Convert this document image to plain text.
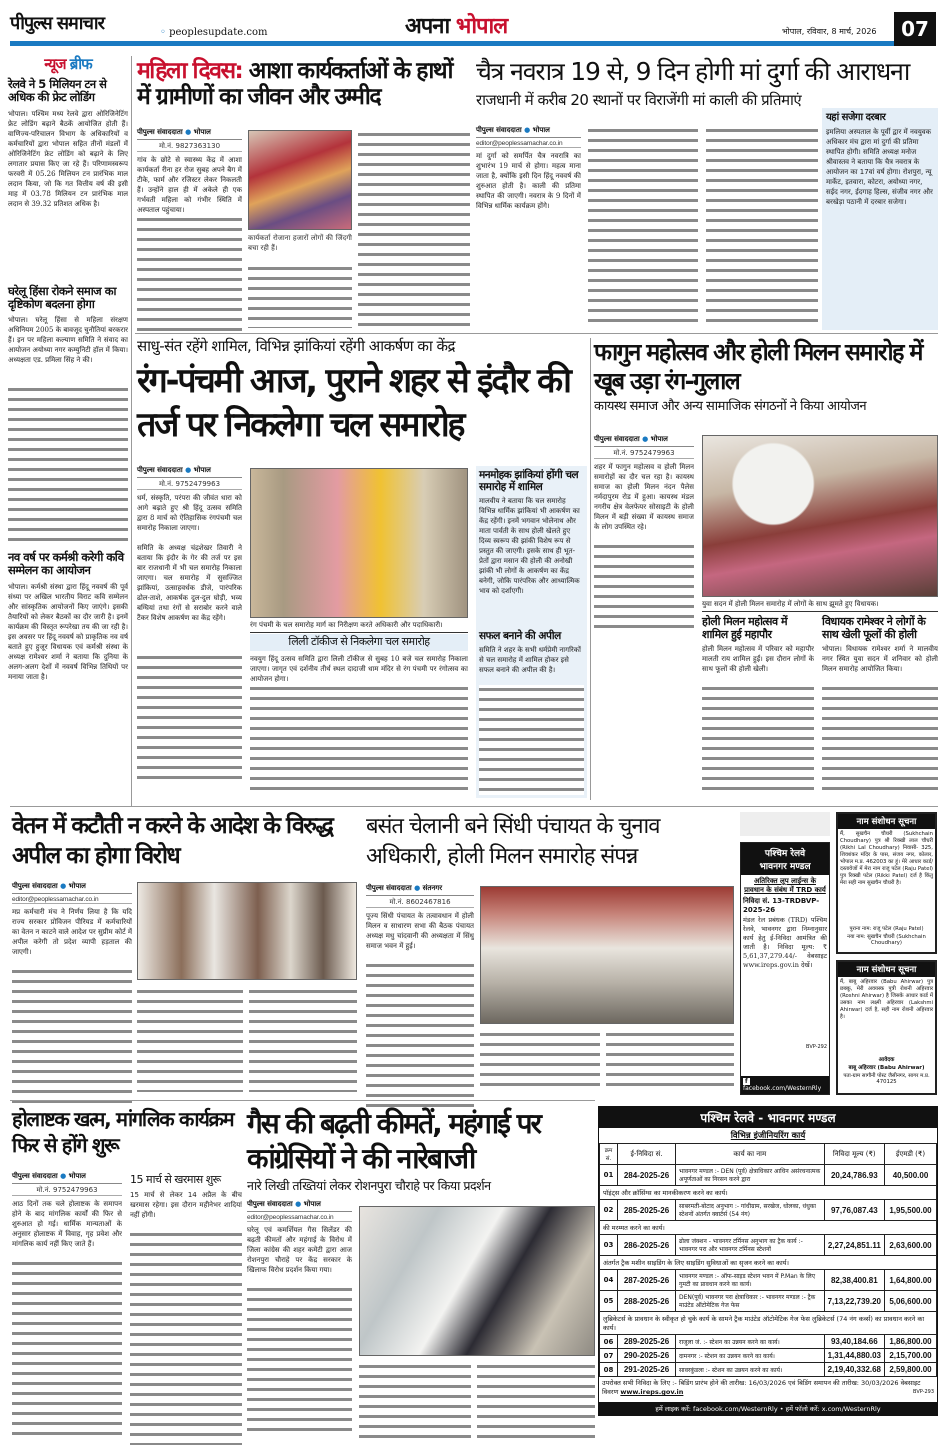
पीपुल्स समाचार	◦ peoplesupdate.com	अपना भोपाल	भोपाल, रविवार, 8 मार्च, 2026	07
न्यूज ब्रीफ
रेलवे ने 5 मिलियन टन से अधिक की फ्रेट लोडिंग
भोपाल। पश्चिम मध्य रेलवे द्वारा ओरिजिनेटिंग फ्रेट लोडिंग बढ़ाने बैठकें आयोजित होती हैं। वाणिज्य-परिचालन विभाग के अधिकारियों व कर्मचारियों द्वारा भोपाल सहित तीनों मंडलों में ओरिजिनेटिंग फ्रेट लोडिंग को बढ़ाने के लिए लगातार प्रयास किए जा रहे हैं। परिणामस्वरूप फरवरी में 05.26 मिलियन टन प्रारंभिक माल लदान किया, जो कि गत वित्तीय वर्ष की इसी माह में 03.78 मिलियन टन प्रारंभिक माल लदान से 39.32 प्रतिशत अधिक है।
घरेलू हिंसा रोकने समाज का दृष्टिकोण बदलना होगा
भोपाल। घरेलू हिंसा से महिला संरक्षण अधिनियम 2005 के बावजूद चुनौतियां बरकरार हैं। इन पर महिला कल्याण समिति ने संवाद का आयोजन अयोध्या नगर कम्युनिटी हॉल में किया। अध्यक्षता एड. प्रमिला सिंह ने की।
नव वर्ष पर कर्मश्री करेगी कवि सम्मेलन का आयोजन
भोपाल। कर्मश्री संस्था द्वारा हिंदू नववर्ष की पूर्व संध्या पर अखिल भारतीय विराट कवि सम्मेलन और सांस्कृतिक आयोजनों किए जाएंगे। इसकी तैयारियों को लेकर बैठकों का दौर जारी है। इनमें कार्यक्रम की विस्तृत रूपरेखा तय की जा रही है। इस अवसर पर हिंदू नववर्ष को प्राकृतिक नव वर्ष बताते हुए हुजूर विधायक एवं कर्मश्री संस्था के अध्यक्ष रामेश्वर शर्मा ने बताया कि दुनिया के अलग-अलग देशों में नववर्ष विभिन्न तिथियों पर मनाया जाता है।
महिला दिवस: आशा कार्यकर्ताओं के हाथों में ग्रामीणों का जीवन और उम्मीद
पीपुल्स संवाददाता ● भोपाल
मो.नं. 9827363130
गांव के छोटे से स्वास्थ्य केंद्र में आशा कार्यकर्ता रीना हर रोज सुबह अपने बैग में टीके, फार्म और रजिस्टर लेकर निकलती हैं। उन्होंने हाल ही में अकेले ही एक गर्भवती महिला को गंभीर स्थिति में अस्पताल पहुंचाया।
कार्यकर्ता रोजाना हजारों लोगों की जिंदगी बचा रही हैं।
चैत्र नवरात्र 19 से, 9 दिन होगी मां दुर्गा की आराधना
राजधानी में करीब 20 स्थानों पर विराजेंगी मां काली की प्रतिमाएं
पीपुल्स संवाददाता ● भोपाल
editor@peoplessamachar.co.in
मां दुर्गा को समर्पित चैत्र नवरात्रि का शुभारंभ 19 मार्च से होगा। महत्व माना जाता है, क्योंकि इसी दिन हिंदू नववर्ष की शुरुआत होती है। काली की प्रतिमा स्थापित की जाएगी। नवरात्र के 9 दिनों में विभिन्न धार्मिक कार्यक्रम होंगे।
यहां सजेगा दरबार
इमलिया अस्पताल के पूर्वी द्वार में नवयुवक अधिकार मंच द्वारा मां दुर्गा की प्रतिमा स्थापित होगी। समिति अध्यक्ष मनोज श्रीवास्तव ने बताया कि चैत्र नवरात्र के आयोजन का 17वां वर्ष होगा। रोशपुरा, न्यू मार्केट, इतवारा, कोटरा, अयोध्या नगर, सईद नगर, ईदगाह हिल्स, संजीव नगर और बरखेड़ा पठानी में दरबार सजेगा।
साधु-संत रहेंगे शामिल, विभिन्न झांकियां रहेंगी आकर्षण का केंद्र
रंग-पंचमी आज, पुराने शहर से इंदौर की तर्ज पर निकलेगा चल समारोह
पीपुल्स संवाददाता ● भोपाल
मो.नं. 9752479963
धर्म, संस्कृति, परंपरा की जीवंत धारा को आगे बढ़ाते हुए श्री हिंदू उत्सव समिति द्वारा 8 मार्च को ऐतिहासिक रंगपंचमी चल समारोह निकाला जाएगा।
समिति के अध्यक्ष चंद्रशेखर तिवारी ने बताया कि इंदौर के गेर की तर्ज पर इस बार राजधानी में भी चल समारोह निकाला जाएगा। चल समारोह में सुसज्जित झांकियां, उत्साहवर्धक डीजे, पारंपरिक ढोल-ताशे, आकर्षक दुल-दुल घोड़ी, भव्य बग्घियां तथा रंगों से सराबोर करने वाले टैंकर विशेष आकर्षण का केंद्र रहेंगे।
रंग पंचमी के चल समारोह मार्ग का निरीक्षण करते अधिकारी और पदाधिकारी।
लिली टॉकीज से निकलेगा चल समारोह
नवयुग हिंदू उत्सव समिति द्वारा लिली टॉकीज से सुबह 10 बजे चल समारोह निकाला जाएगा। जागृत एवं दर्शनीय तीर्थ स्थल दादाजी धाम मंदिर से रंग पंचमी पर रंगोत्सव का आयोजन होगा।
मनमोहक झांकियां होंगी चल समारोह में शामिल
मालवीय ने बताया कि चल समारोह विभिन्न धार्मिक झांकियां भी आकर्षण का केंद्र रहेंगी। इनमें भगवान भोलेनाथ और माता पार्वती के साथ होली खेलते हुए दिव्य स्वरूप की झांकी विशेष रूप से प्रस्तुत की जाएगी। इसके साथ ही भूत-प्रेतों द्वारा मसान की होली की अनोखी झांकी भी लोगों के आकर्षण का केंद्र बनेगी, जोकि पारंपरिक और आध्यात्मिक भाव को दर्शाएगी।
सफल बनाने की अपील
समिति ने शहर के सभी धर्मप्रेमी नागरिकों से चल समारोह में शामिल होकर इसे सफल बनाने की अपील की है।
फागुन महोत्सव और होली मिलन समारोह में खूब उड़ा रंग-गुलाल
कायस्थ समाज और अन्य सामाजिक संगठनों ने किया आयोजन
पीपुल्स संवाददाता ● भोपाल
मो.नं. 9752479963
शहर में फागुन महोत्सव व होली मिलन समारोहों का दौर चल रहा है। कायस्थ समाज का होली मिलन नंदन पैलेस नर्मदापुरम रोड में हुआ। कायस्थ मंडल नगरीय क्षेत्र वेलफेयर सोसाइटी के होली मिलन में बड़ी संख्या में कायस्थ समाज के लोग उपस्थित रहे।
युवा सदन में होली मिलन समारोह में लोगों के साथ झूमते हुए विधायक।
होली मिलन महोत्सव में शामिल हुई महापौर
होली मिलन महोत्सव में परिवार को महापौर मालती राय शामिल हुईं। इस दौरान लोगों के साथ फूलों की होली खेली।
विधायक रामेश्वर ने लोगों के साथ खेली फूलों की होली
भोपाल। विधायक रामेश्वर शर्मा ने मालवीय नगर स्थित युवा सदन में शनिवार को होली मिलन समारोह आयोजित किया।
वेतन में कटौती न करने के आदेश के विरुद्ध अपील का होगा विरोध
पीपुल्स संवाददाता ● भोपाल
editor@peoplessamachar.co.in
मप्र कर्मचारी मंच ने निर्णय लिया है कि यदि राज्य सरकार प्रोविजन पीरियड में कर्मचारियों का वेतन न काटने वाले आदेश पर सुप्रीम कोर्ट में अपील करेगी तो प्रदेश व्यापी हड़ताल की जाएगी।
बसंत चेलानी बने सिंधी पंचायत के चुनाव अधिकारी, होली मिलन समारोह संपन्न
पीपुल्स संवाददाता ● संतनगर
मो.नं. 8602467816
पूज्य सिंधी पंचायत के तत्वावधान में होली मिलन व साधारण सभा की बैठक पंचायत अध्यक्ष मधु चांदवानी की अध्यक्षता में सिंधु समाज भवन में हुई।
पश्चिम रेलवे
भावनगर मण्डल
अतिरिक्त लूप लाईन्स के प्रावधान के संबंध में TRD कार्य
निविदा सं. 13-TRDBVP-2025-26
मंडल रेल प्रबंधक (TRD) पश्चिम रेलवे, भावनगर द्वारा निम्नानुसार कार्य हेतु ई-निविदा आमंत्रित की जाती है। निविदा मूल्य: ₹ 5,61,37,279.44/- वेबसाइट www.ireps.gov.in देखें।
BVP-292
f facebook.com/WesternRly
नाम संशोधन सूचना
मैं, सुखचैन चौधरी (Sukhchain Choudhary) पुत्र श्री रिक्खी लाल चौधरी (Rikhi Lal Choudhary) निवासी- 325, शिवशंकर मंदिर के पास, संजय नगर, कोलार, भोपाल म.प्र. 462003 का हूं। मेरे आधार कार्ड/दस्तावेजों में मेरा नाम राजू पटेल (Raju Patel) पुत्र रिक्खी पटेल (Rikki Patel) दर्ज है किंतु मेरा सही नाम सुखचैन चौधरी है।
पुराना नाम: राजू पटेल (Raju Patel)
नया नाम: सुखचैन चौधरी (Sukhchain Choudhary)
नाम संशोधन सूचना
मैं, बाबू अहिरवार (Babu Ahirwar) पुत्र छक्कू, मेरी अवयस्क पुत्री रोशनी अहिरवार (Roshni Ahirwar) है जिसके आधार कार्ड में उसका नाम लक्ष्मी अहिरवार (Lakshmi Ahirwar) दर्ज है, सही नाम रोशनी अहिरवार है।
आवेदक
बाबू अहिरवार (Babu Ahirwar)
पता-ग्राम सागौनी पोस्ट जैसीनगर, सागर म.प्र. 470125
होलाष्टक खत्म, मांगलिक कार्यक्रम फिर से होंगे शुरू
पीपुल्स संवाददाता ● भोपाल
मो.नं. 9752479963
आठ दिनों तक चले होलाष्टक के समापन होने के बाद मांगलिक कार्यों की फिर से शुरुआत हो गई। धार्मिक मान्यताओं के अनुसार होलाष्टक में विवाह, गृह प्रवेश और मांगलिक कार्य नहीं किए जाते हैं।
15 मार्च से खरमास शुरू
15 मार्च से लेकर 14 अप्रैल के बीच खरमास रहेगा। इस दौरान महीनेभर शादियां नहीं होंगी।
गैस की बढ़ती कीमतें, महंगाई पर कांग्रेसियों ने की नारेबाजी
नारे लिखी तख्तियां लेकर रोशनपुरा चौराहे पर किया प्रदर्शन
पीपुल्स संवाददाता ● भोपाल
editor@peoplessamachar.co.in
घरेलू एवं कमर्शियल गैस सिलेंडर की बढ़ती कीमतों और महंगाई के विरोध में जिला कांग्रेस की शहर कमेटी द्वारा आज रोशनपुरा चौराहे पर केंद्र सरकार के खिलाफ विरोध प्रदर्शन किया गया।
पश्चिम रेलवे - भावनगर मण्डल
विभिन्न इंजीनियरिंग कार्य
क्रम सं.	ई-निविदा सं.	कार्य का नाम	निविदा मूल्य (₹)	ईएमडी (₹)
01	284-2025-26	भावनगर मण्डल :- DEN (पूर्व) क्षेत्राधिकार आधिन असंरचनात्मक अपूर्णताओं का निरसन करने द्वारा	20,24,786.93	40,500.00
पॉइंट्स और क्रॉसिंग्स का मानकीकरण करने का कार्य।				
02	285-2025-26	साबरमती-बोटाद अनुभाग :- गांधीग्राम, सरखेज, धोलका, धंधुका स्टेशनों अंतर्गत क्वार्टर्स (54 नंग)	97,76,087.43	1,95,500.00
की मरम्मत करने का कार्य।				
03	286-2025-26	ढोला जंक्शन - भावनगर टर्मिनस अनुभाग का ट्रैक कार्य :- भावनगर परा और भावनगर टर्मिनस स्टेशनों	2,27,24,851.11	2,63,600.00
अंतर्गत ट्रैक मशीन साइडिंग के लिए साइडिंग सुविधाओं का सृजन करने का कार्य।				
04	287-2025-26	भावनगर मण्डल :- ऑफ-साइड स्टेशन भवन में P.Man के लिए गुमटी का प्रावधान करने का कार्य।	82,38,400.81	1,64,800.00
05	288-2025-26	DEN(पूर्व) भावनगर परा क्षेत्राधिकार :- भावनगर मण्डल :- ट्रैक माउंटेड ऑटोमेटिक गेज फेस	7,13,22,739.20	5,06,600.00
लुब्रिकेटर्स के प्रावधान के स्वीकृत हो चुके कार्य के सामने ट्रैक माउंटेड ऑटोमेटिक गेज फेस लुब्रिकेटर्स (74 नंग कर्व्स) का प्रावधान करने का कार्य।				
06	289-2025-26	राजुला जं. :- स्टेशन का उन्नयन करने का कार्य।	93,40,184.66	1,86,800.00
07	290-2025-26	दामनगर :- स्टेशन का उन्नयन करने का कार्य।	1,31,44,880.03	2,15,700.00
08	291-2025-26	सावरकुंडला :- स्टेशन का उन्नयन करने का कार्य।	2,19,40,332.68	2,59,800.00
उपरोक्त सभी निविदा के लिए :- बिडिंग प्रारंभ होने की तारीख: 16/03/2026 एवं बिडिंग समापन की तारीख: 30/03/2026 वेबसाइट विवरण www.ireps.gov.in	BVP-293
हमें लाइक करें: facebook.com/WesternRly • हमें फॉलो करें: x.com/WesternRly
